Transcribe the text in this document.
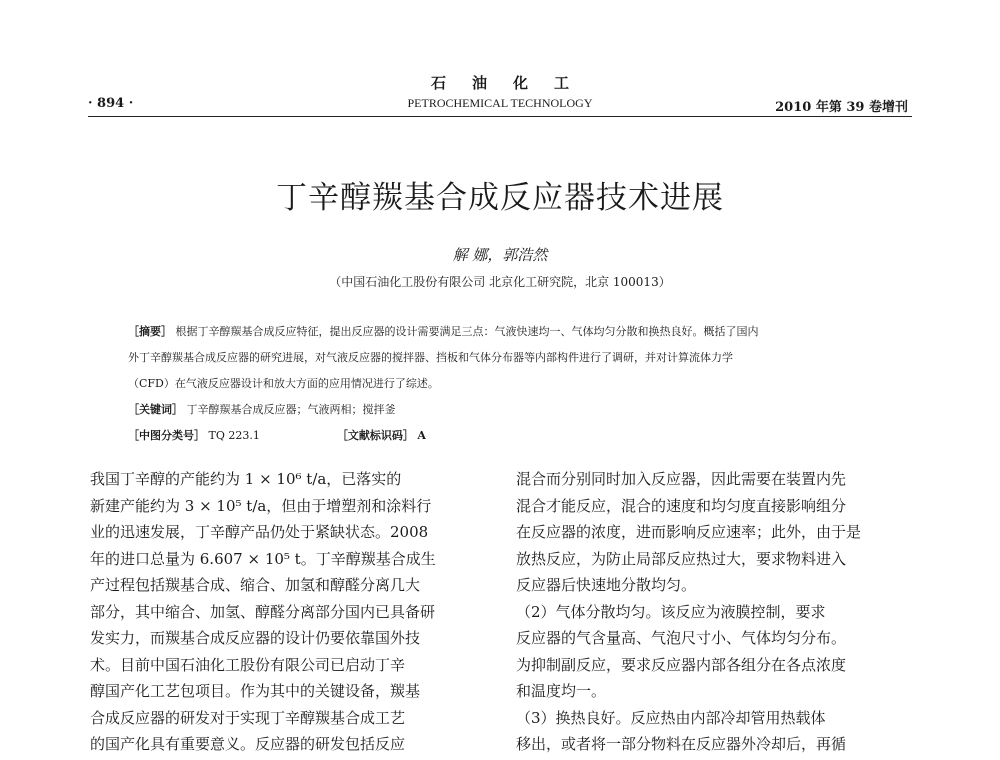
石油化工
· 894 ·	PETROCHEMICAL TECHNOLOGY	2010 年第 39 卷增刊
丁辛醇羰基合成反应器技术进展
解 娜，郭浩然
（中国石油化工股份有限公司 北京化工研究院，北京 100013）
［摘要］ 根据丁辛醇羰基合成反应特征，提出反应器的设计需要满足三点：气液快速均一、气体均匀分散和换热良好。概括了国内
外丁辛醇羰基合成反应器的研究进展，对气液反应器的搅拌器、挡板和气体分布器等内部构件进行了调研，并对计算流体力学
（CFD）在气液反应器设计和放大方面的应用情况进行了综述。
［关键词］ 丁辛醇羰基合成反应器；气液两相；搅拌釜
［中图分类号］ TQ 223.1	［文献标识码］ A
我国丁辛醇的产能约为 1 × 10⁶ t/a，已落实的
新建产能约为 3 × 10⁵ t/a，但由于增塑剂和涂料行
业的迅速发展，丁辛醇产品仍处于紧缺状态。2008
年的进口总量为 6.607 × 10⁵ t。丁辛醇羰基合成生
产过程包括羰基合成、缩合、加氢和醇醛分离几大
部分，其中缩合、加氢、醇醛分离部分国内已具备研
发实力，而羰基合成反应器的设计仍要依靠国外技
术。目前中国石油化工股份有限公司已启动丁辛
醇国产化工艺包项目。作为其中的关键设备，羰基
合成反应器的研发对于实现丁辛醇羰基合成工艺
的国产化具有重要意义。反应器的研发包括反应
混合而分别同时加入反应器，因此需要在装置内先
混合才能反应，混合的速度和均匀度直接影响组分
在反应器的浓度，进而影响反应速率；此外，由于是
放热反应，为防止局部反应热过大，要求物料进入
反应器后快速地分散均匀。
（2）气体分散均匀。该反应为液膜控制，要求
反应器的气含量高、气泡尺寸小、气体均匀分布。
为抑制副反应，要求反应器内部各组分在各点浓度
和温度均一。
（3）换热良好。反应热由内部冷却管用热载体
移出，或者将一部分物料在反应器外冷却后，再循
